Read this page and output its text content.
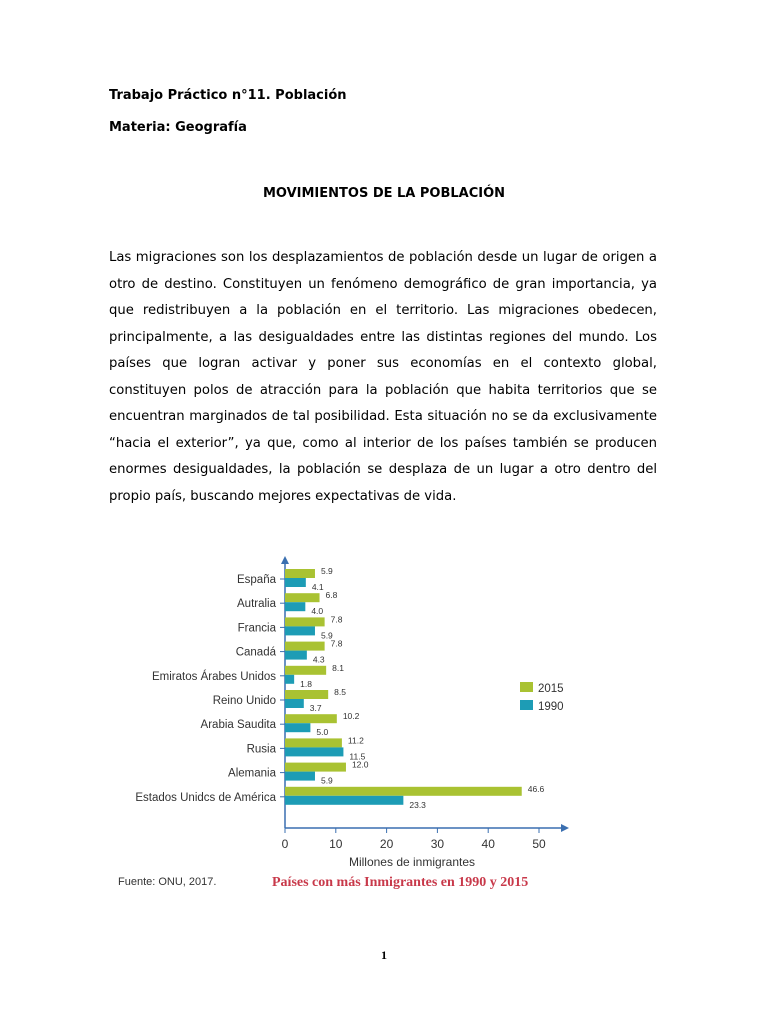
Trabajo Práctico n°11. Población

Materia: Geografía

MOVIMIENTOS DE LA POBLACIÓN

Las migraciones son los desplazamientos de población desde un lugar de origen a otro de destino. Constituyen un fenómeno demográfico de gran importancia, ya que redistribuyen a la población en el territorio. Las migraciones obedecen, principalmente, a las desigualdades entre las distintas regiones del mundo. Los países que logran activar y poner sus economías en el contexto global, constituyen polos de atracción para la población que habita territorios que se encuentran marginados de tal posibilidad. Esta situación no se da exclusivamente “hacia el exterior”, ya que, como al interior de los países también se producen enormes desigualdades, la población se desplaza de un lugar a otro dentro del propio país, buscando mejores expectativas de vida.

0	10	20	30	40	50
Millones de inmigrantes
España
5.9
4.1
Autralia
6.8
4.0
Francia
7.8
5.9
Canadá
7.8
4.3
Emiratos Árabes Unidos
8.1
1.8
Reino Unido
8.5
3.7
Arabia Saudita
10.2
5.0
Rusia
11.2
11.5
Alemania
12.0
5.9
Estados Unidcs de América
46.6
23.3
2015
1990

Fuente: ONU, 2017.	Países con más Inmigrantes en 1990 y 2015

1
